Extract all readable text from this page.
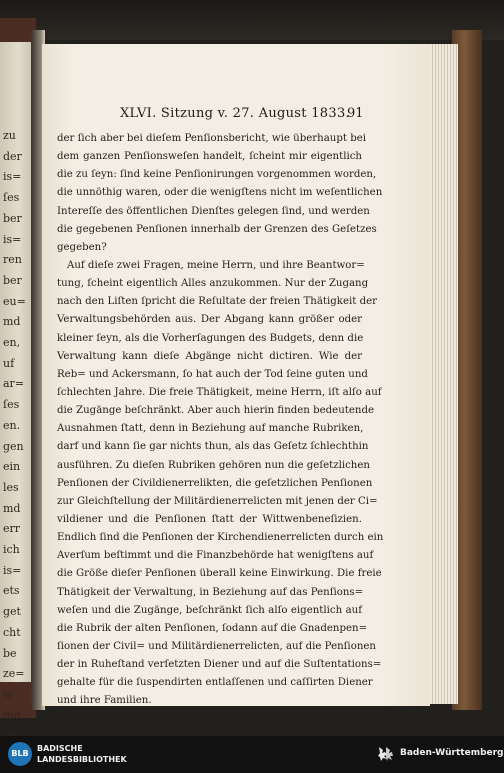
zu
der
is=
ſes
ber
is=
ren
ber
eu=
md
en,
uf
ar=
ſes
en.
gen
ein
les
md
err
ich
is=
ets
get
cht
be
ze=
ie
ing
XLVI. Sitzung v. 27. August 1833.
91
der ſich aber bei dieſem Penſionsbericht, wie überhaupt bei
dem ganzen Penſionsweſen handelt, ſcheint mir eigentlich
die zu ſeyn: ſind keine Penſionirungen vorgenommen worden,
die unnöthig waren, oder die wenigſtens nicht im weſentlichen
Intereſſe des öffentlichen Dienſtes gelegen ſind, und werden
die gegebenen Penſionen innerhalb der Grenzen des Geſetzes
gegeben?
Auf dieſe zwei Fragen, meine Herrn, und ihre Beantwor=
tung, ſcheint eigentlich Alles anzukommen. Nur der Zugang
nach den Liſten ſpricht die Reſultate der freien Thätigkeit der
Verwaltungsbehörden aus. Der Abgang kann größer oder
kleiner ſeyn, als die Vorherſagungen des Budgets, denn die
Verwaltung kann dieſe Abgänge nicht dictiren. Wie der
Reb= und Ackersmann, ſo hat auch der Tod ſeine guten und
ſchlechten Jahre. Die freie Thätigkeit, meine Herrn, iſt alſo auf
die Zugänge beſchränkt. Aber auch hierin finden bedeutende
Ausnahmen ſtatt, denn in Beziehung auf manche Rubriken,
darf und kann ſie gar nichts thun, als das Geſetz ſchlechthin
ausführen. Zu dieſen Rubriken gehören nun die geſetzlichen
Penſionen der Civildienerrelikten, die geſetzlichen Penſionen
zur Gleichſtellung der Militärdienerrelicten mit jenen der Ci=
vildiener und die Penſionen ſtatt der Wittwenbeneſizien.
Endlich ſind die Penſionen der Kirchendienerrelicten durch ein
Averſum beſtimmt und die Finanzbehörde hat wenigſtens auf
die Größe dieſer Penſionen überall keine Einwirkung. Die freie
Thätigkeit der Verwaltung, in Beziehung auf das Penſions=
weſen und die Zugänge, beſchränkt ſich alſo eigentlich auf
die Rubrik der alten Penſionen, ſodann auf die Gnadenpen=
ſionen der Civil= und Militärdienerrelicten, auf die Penſionen
der in Ruheſtand verſetzten Diener und auf die Suſtentations=
gehalte für die ſuspendirten entlaſſenen und caſſirten Diener
und ihre Familien.
Sehen wir nun, welche Reſultate die Zugangsliſten unter
BLB
BADISCHE
LANDESBIBLIOTHEK
Baden-Württemberg
